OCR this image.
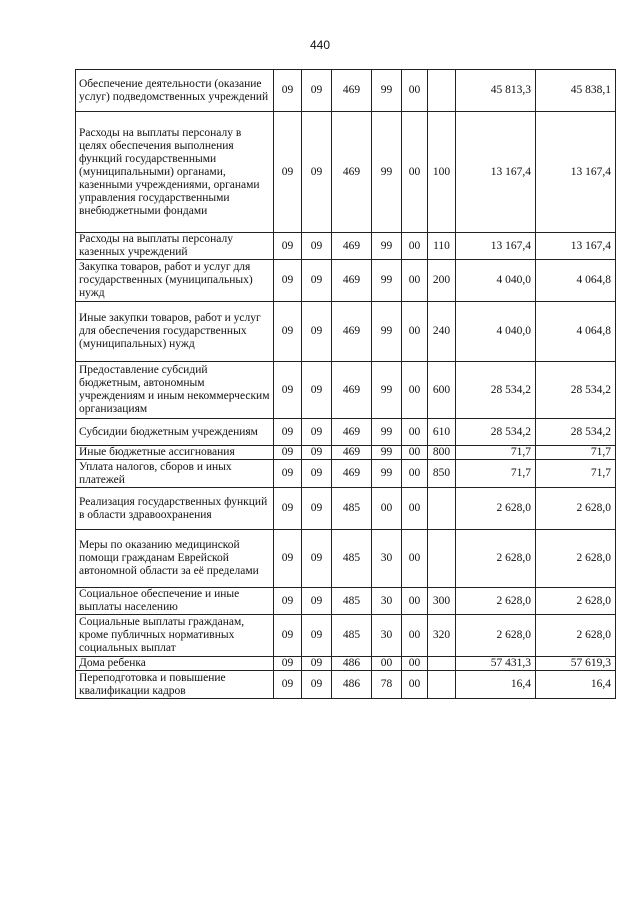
440
Обеспечение деятельности (оказание услуг) подведомственных учреждений	09	09	469	99	00		45 813,3	45 838,1
Расходы на выплаты персоналу в целях обеспечения выполнения функций государственными (муниципальными) органами, казенными учреждениями, органами управления государственными внебюджетными фондами	09	09	469	99	00	100	13 167,4	13 167,4
Расходы на выплаты персоналу казенных учреждений	09	09	469	99	00	110	13 167,4	13 167,4
Закупка товаров, работ и услуг для государственных (муниципальных) нужд	09	09	469	99	00	200	4 040,0	4 064,8
Иные закупки товаров, работ и услуг для обеспечения государственных (муниципальных) нужд	09	09	469	99	00	240	4 040,0	4 064,8
Предоставление субсидий бюджетным, автономным учреждениям и иным некоммерческим организациям	09	09	469	99	00	600	28 534,2	28 534,2
Субсидии бюджетным учреждениям	09	09	469	99	00	610	28 534,2	28 534,2
Иные бюджетные ассигнования	09	09	469	99	00	800	71,7	71,7
Уплата налогов, сборов и иных платежей	09	09	469	99	00	850	71,7	71,7
Реализация государственных функций в области здравоохранения	09	09	485	00	00		2 628,0	2 628,0
Меры по оказанию медицинской помощи гражданам Еврейской автономной области за её пределами	09	09	485	30	00		2 628,0	2 628,0
Социальное обеспечение и иные выплаты населению	09	09	485	30	00	300	2 628,0	2 628,0
Социальные выплаты гражданам, кроме публичных нормативных социальных выплат	09	09	485	30	00	320	2 628,0	2 628,0
Дома ребенка	09	09	486	00	00		57 431,3	57 619,3
Переподготовка и повышение квалификации кадров	09	09	486	78	00		16,4	16,4
